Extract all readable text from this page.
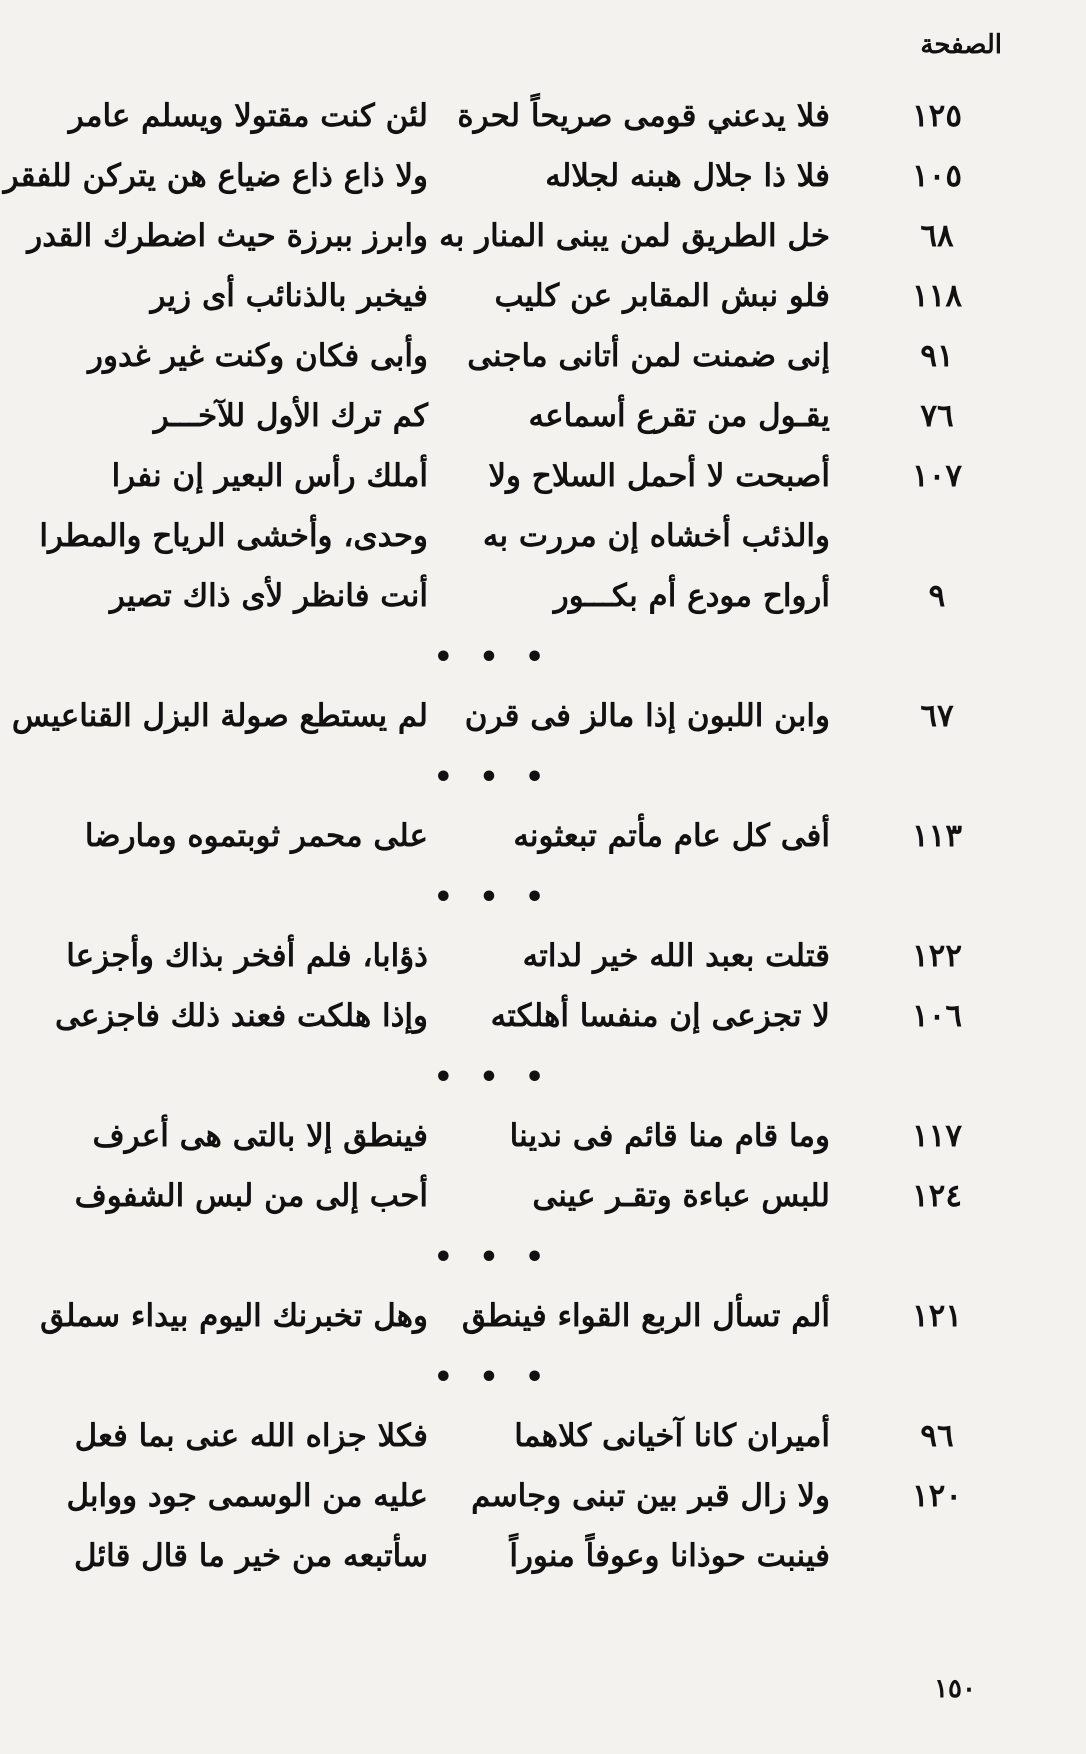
الصفحة
١٢٥
فلا يدعني قومى صريحاً لحرة
لئن كنت مقتولا ويسلم عامر
١٠٥
فلا ذا جلال هبنه لجلاله
ولا ذاع ذاع ضياع هن يتركن للفقر
٦٨
خل الطريق لمن يبنى المنار به
وابرز ببرزة حيث اضطرك القدر
١١٨
فلو نبش المقابر عن كليب
فيخبر بالذنائب أى زير
٩١
إنى ضمنت لمن أتانى ماجنى
وأبى فكان وكنت غير غدور
٧٦
يقـول من تقرع أسماعه
كم ترك الأول للآخـــر
١٠٧
أصبحت لا أحمل السلاح ولا
أملك رأس البعير إن نفرا
والذئب أخشاه إن مررت به
وحدى، وأخشى الرياح والمطرا
٩
أرواح مودع أم بكـــور
أنت فانظر لأى ذاك تصير
• • •
٦٧
وابن اللبون إذا مالز فى قرن
لم يستطع صولة البزل القناعيس
• • •
١١٣
أفى كل عام مأتم تبعثونه
على محمر ثوبتموه ومارضا
• • •
١٢٢
قتلت بعبد الله خير لداته
ذؤابا، فلم أفخر بذاك وأجزعا
١٠٦
لا تجزعى إن منفسا أهلكته
وإذا هلكت فعند ذلك فاجزعى
• • •
١١٧
وما قام منا قائم فى ندينا
فينطق إلا بالتى هى أعرف
١٢٤
للبس عباءة وتقـر عينى
أحب إلى من لبس الشفوف
• • •
١٢١
ألم تسأل الربع القواء فينطق
وهل تخبرنك اليوم بيداء سملق
• • •
٩٦
أميران كانا آخيانى كلاهما
فكلا جزاه الله عنى بما فعل
١٢٠
ولا زال قبر بين تبنى وجاسم
عليه من الوسمى جود ووابل
فينبت حوذانا وعوفاً منوراً
سأتبعه من خير ما قال قائل
١٥٠
